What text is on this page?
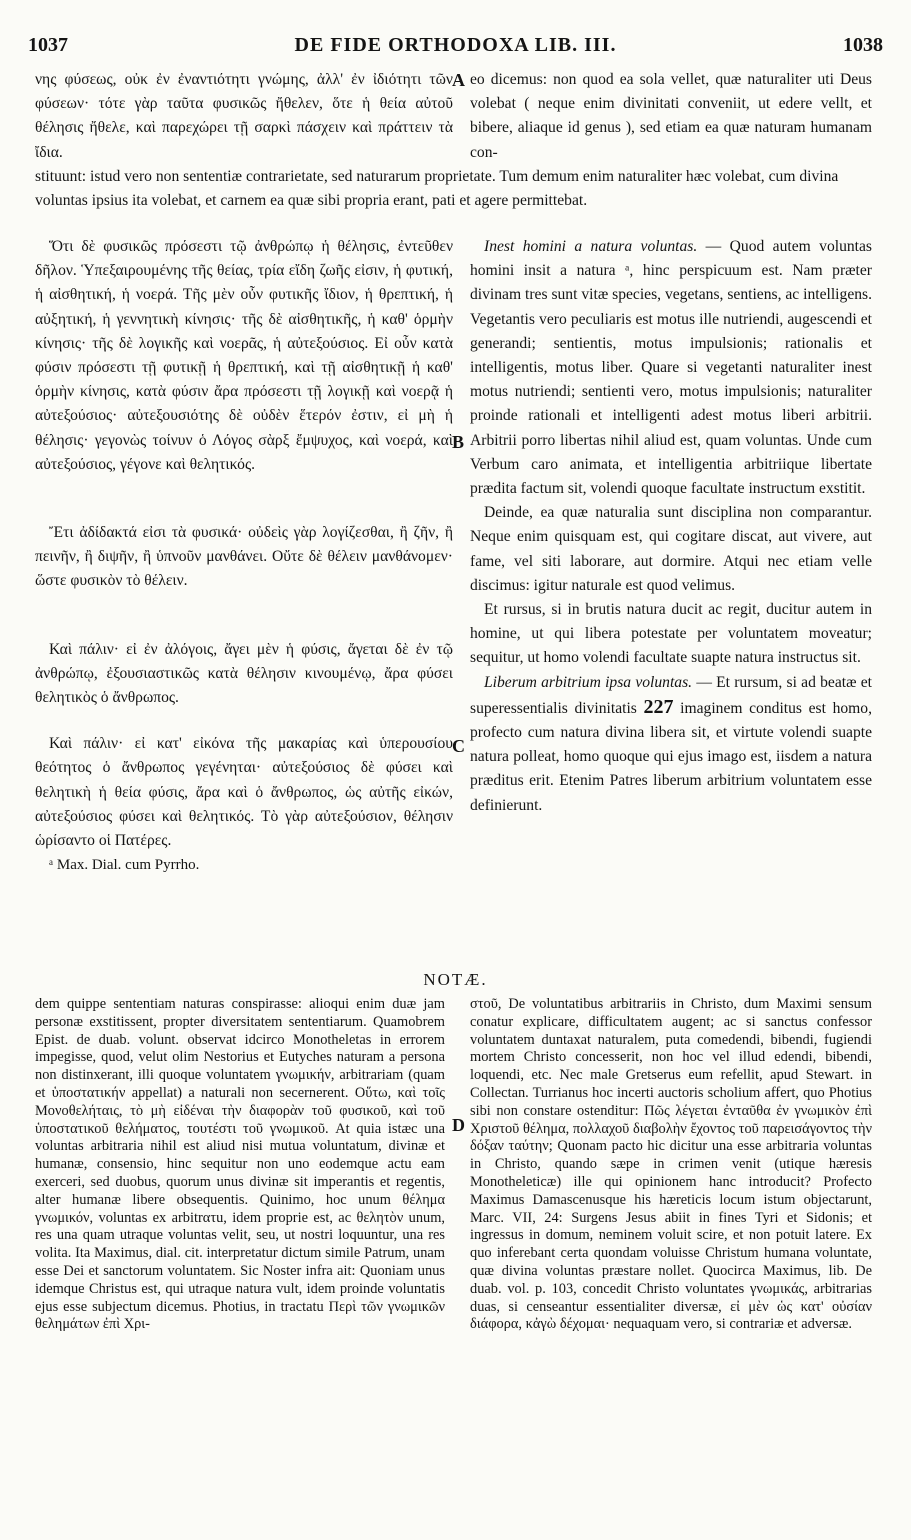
1037	DE FIDE ORTHODOXA LIB. III.	1038
A
B
C
D

νης φύσεως, οὐκ ἐν ἐναντιότητι γνώμης, ἀλλ' ἐν ἰδιότητι τῶν φύσεων· τότε γὰρ ταῦτα φυσικῶς ἤθελεν, ὅτε ἡ θεία αὐτοῦ θέλησις ἤθελε, καὶ παρεχώρει τῇ σαρκὶ πάσχειν καὶ πράττειν τὰ ἴδια.

eo dicemus: non quod ea sola vellet, quæ naturaliter uti Deus volebat ( neque enim divinitati conveniit, ut edere vellt, et bibere, aliaque id genus ), sed etiam ea quæ naturam humanam con-

stituunt: istud vero non sententiæ contrarietate, sed naturarum proprietate. Tum demum enim naturaliter hæc volebat, cum divina voluntas ipsius ita volebat, et carnem ea quæ sibi propria erant, pati et agere permittebat.

Ὅτι δὲ φυσικῶς πρόσεστι τῷ ἀνθρώπῳ ἡ θέλησις, ἐντεῦθεν δῆλον. Ὑπεξαιρουμένης τῆς θείας, τρία εἴδη ζωῆς εἰσιν, ἡ φυτική, ἡ αἰσθητική, ἡ νοερά. Τῆς μὲν οὖν φυτικῆς ἴδιον, ἡ θρεπτική, ἡ αὐξητική, ἡ γεννητικὴ κίνησις· τῆς δὲ αἰσθητικῆς, ἡ καθ' ὁρμὴν κίνησις· τῆς δὲ λογικῆς καὶ νοερᾶς, ἡ αὐτεξούσιος. Εἰ οὖν κατὰ φύσιν πρόσεστι τῇ φυτικῇ ἡ θρεπτική, καὶ τῇ αἰσθητικῇ ἡ καθ' ὁρμὴν κίνησις, κατὰ φύσιν ἄρα πρόσεστι τῇ λογικῇ καὶ νοερᾷ ἡ αὐτεξούσιος· αὐτεξουσιότης δὲ οὐδὲν ἕτερόν ἐστιν, εἰ μὴ ἡ θέλησις· γεγονὼς τοίνυν ὁ Λόγος σὰρξ ἔμψυχος, καὶ νοερά, καὶ αὐτεξούσιος, γέγονε καὶ θελητικός.

Ἔτι ἀδίδακτά εἰσι τὰ φυσικά· οὐδεὶς γὰρ λογίζεσθαι, ἢ ζῆν, ἢ πεινῆν, ἢ διψῆν, ἢ ὑπνοῦν μανθάνει. Οὔτε δὲ θέλειν μανθάνομεν· ὥστε φυσικὸν τὸ θέλειν.

Καὶ πάλιν· εἰ ἐν ἀλόγοις, ἄγει μὲν ἡ φύσις, ἄγεται δὲ ἐν τῷ ἀνθρώπῳ, ἐξουσιαστικῶς κατὰ θέλησιν κινουμένῳ, ἄρα φύσει θελητικὸς ὁ ἄνθρωπος.

Καὶ πάλιν· εἰ κατ' εἰκόνα τῆς μακαρίας καὶ ὑπερουσίου θεότητος ὁ ἄνθρωπος γεγένηται· αὐτεξούσιος δὲ φύσει καὶ θελητικὴ ἡ θεία φύσις, ἄρα καὶ ὁ ἄνθρωπος, ὡς αὐτῆς εἰκών, αὐτεξούσιος φύσει καὶ θελητικός. Τὸ γὰρ αὐτεξούσιον, θέλησιν ὡρίσαντο οἱ Πατέρες.

ᵃ Max. Dial. cum Pyrrho.

Inest homini a natura voluntas. — Quod autem voluntas homini insit a natura ᵃ, hinc perspicuum est. Nam præter divinam tres sunt vitæ species, vegetans, sentiens, ac intelligens. Vegetantis vero peculiaris est motus ille nutriendi, augescendi et generandi; sentientis, motus impulsionis; rationalis et intelligentis, motus liber. Quare si vegetanti naturaliter inest motus nutriendi; sentienti vero, motus impulsionis; naturaliter proinde rationali et intelligenti adest motus liberi arbitrii. Arbitrii porro libertas nihil aliud est, quam voluntas. Unde cum Verbum caro animata, et intelligentia arbitriique libertate prædita factum sit, volendi quoque facultate instructum exstitit.

Deinde, ea quæ naturalia sunt disciplina non comparantur. Neque enim quisquam est, qui cogitare discat, aut vivere, aut fame, vel siti laborare, aut dormire. Atqui nec etiam velle discimus: igitur naturale est quod velimus.

Et rursus, si in brutis natura ducit ac regit, ducitur autem in homine, ut qui libera potestate per voluntatem moveatur; sequitur, ut homo volendi facultate suapte natura instructus sit.

Liberum arbitrium ipsa voluntas. — Et rursum, si ad beatæ et superessentialis divinitatis 227 imaginem conditus est homo, profecto cum natura divina libera sit, et virtute volendi suapte natura polleat, homo quoque qui ejus imago est, iisdem a natura præditus erit. Etenim Patres liberum arbitrium voluntatem esse definierunt.

NOTÆ.

dem quippe sententiam naturas conspirasse: alioqui enim duæ jam personæ exstitissent, propter diversitatem sententiarum. Quamobrem Epist. de duab. volunt. observat idcirco Monotheletas in errorem impegisse, quod, velut olim Nestorius et Eutyches naturam a persona non distinxerant, illi quoque voluntatem γνωμικήν, arbitrariam (quam et ὑποστατικήν appellat) a naturali non secernerent. Οὕτω, καὶ τοῖς Μονοθελήταις, τὸ μὴ εἰδέναι τὴν διαφορὰν τοῦ φυσικοῦ, καὶ τοῦ ὑποστατικοῦ θελήματος, τουτέστι τοῦ γνωμικοῦ. At quia istæc una voluntas arbitraria nihil est aliud nisi mutua voluntatum, divinæ et humanæ, consensio, hinc sequitur non uno eodemque actu eam exerceri, sed duobus, quorum unus divinæ sit imperantis et regentis, alter humanæ libere obsequentis. Quinimo, hoc unum θέλημα γνωμικόν, voluntas ex arbitrατu, idem proprie est, ac θελητὸν unum, res una quam utraque voluntas velit, seu, ut nostri loquuntur, una res volita. Ita Maximus, dial. cit. interpretatur dictum simile Patrum, unam esse Dei et sanctorum voluntatem. Sic Noster infra ait: Quoniam unus idemque Christus est, qui utraque natura vult, idem proinde voluntatis ejus esse subjectum dicemus. Photius, in tractatu Περὶ τῶν γνωμικῶν θελημάτων ἐπὶ Χρι-

στοῦ, De voluntatibus arbitrariis in Christo, dum Maximi sensum conatur explicare, difficultatem augent; ac si sanctus confessor voluntatem duntaxat naturalem, puta comedendi, bibendi, fugiendi mortem Christo concesserit, non hoc vel illud edendi, bibendi, loquendi, etc. Nec male Gretserus eum refellit, apud Stewart. in Collectan. Turrianus hoc incerti auctoris scholium affert, quo Photius sibi non constare ostenditur: Πῶς λέγεται ἐνταῦθα ἐν γνωμικὸν ἐπὶ Χριστοῦ θέλημα, πολλαχοῦ διαβολὴν ἔχοντος τοῦ παρεισάγοντος τὴν δόξαν ταύτην; Quonam pacto hic dicitur una esse arbitraria voluntas in Christo, quando sæpe in crimen venit (utique hæresis Monotheleticæ) ille qui opinionem hanc introducit? Profecto Maximus Damascenusque his hæreticis locum istum objectarunt, Marc. VII, 24: Surgens Jesus abiit in fines Tyri et Sidonis; et ingressus in domum, neminem voluit scire, et non potuit latere. Ex quo inferebant certa quondam voluisse Christum humana voluntate, quæ divina voluntas præstare nollet. Quocirca Maximus, lib. De duab. vol. p. 103, concedit Christo voluntates γνωμικάς, arbitrarias duas, si censeantur essentialiter diversæ, εἰ μὲν ὡς κατ' οὐσίαν διάφορα, κἀγὼ δέχομαι· nequaquam vero, si contrariæ et adversæ.
